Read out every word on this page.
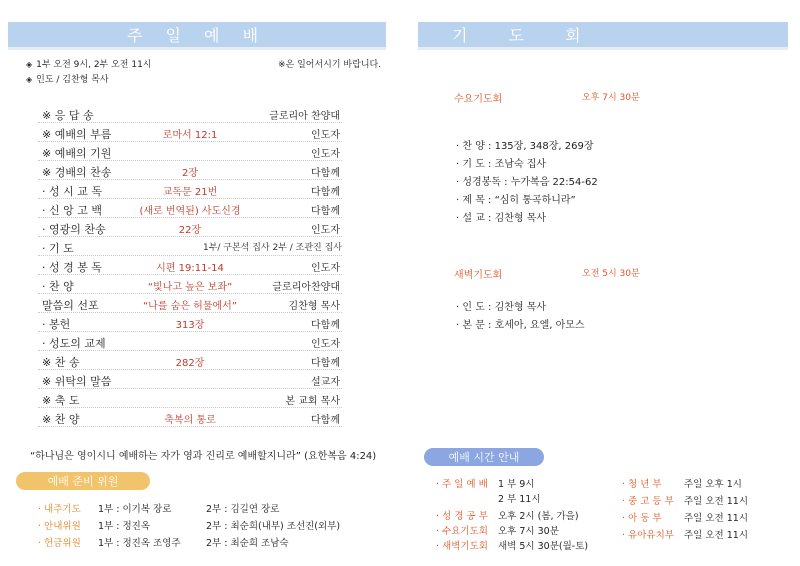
주 일 예 배
◈ 1부 오전 9시, 2부 오전 11시	※온 일어서시기 바랍니다.
◈ 인도 / 김찬형 목사
※ 응 답 송	글로리아 찬양대
※ 예배의 부름	로마서 12:1	인도자
※ 예배의 기원	인도자
※ 경배의 찬송	2장	다함께
· 성 시 교 독	교독문 21번	다함께
· 신 앙 고 백	(새로 번역된) 사도신경	다함께
· 영광의 찬송	22장	인도자
· 기 도	1부/ 구본석 집사 2부 / 조관진 집사
· 성 경 봉 독	시편 19:11-14	인도자
· 찬 양	“빛나고 높은 보좌”	글로리아찬양대
말씀의 선포	“나를 숨은 허물에서”	김찬형 목사
· 봉헌	313장	다함께
· 성도의 교제	인도자
※ 찬 송	282장	다함께
※ 위탁의 말씀	설교자
※ 축 도	본 교회 목사
※ 찬 양	축복의 통로	다함께
“하나님은 영이시니 예배하는 자가 영과 진리로 예배할지니라” (요한복음 4:24)
예배 준비 위원
· 내주기도 1부 : 이기복 장로	2부 : 김길연 장로
· 안내위원 1부 : 정진옥	2부 : 최순희(내부) 조선진(외부)
· 헌금위원 1부 : 정진옥 조영주	2부 : 최순희 조남숙
기 도 회
수요기도회	오후 7시 30분
· 찬 양 : 135장, 348장, 269장
· 기 도 : 조남숙 집사
· 성경봉독 : 누가복음 22:54-62
· 제 목 : “심히 통곡하니라”
· 설 교 : 김찬형 목사
새벽기도회	오전 5시 30분
· 인 도 : 김찬형 목사
· 본 문 : 호세아, 요엘, 아모스
예배 시간 안내
· 주 일 예 배 1 부 9시
2 부 11시
· 성 경 공 부 오후 2시 (봄, 가을)
· 수요기도회 오후 7시 30분
· 새벽기도회 새벽 5시 30분(월-토)
· 청 년 부 주일 오후 1시
· 중 고 등 부 주일 오전 11시
· 아 동 부 주일 오전 11시
· 유아유치부 주일 오전 11시
